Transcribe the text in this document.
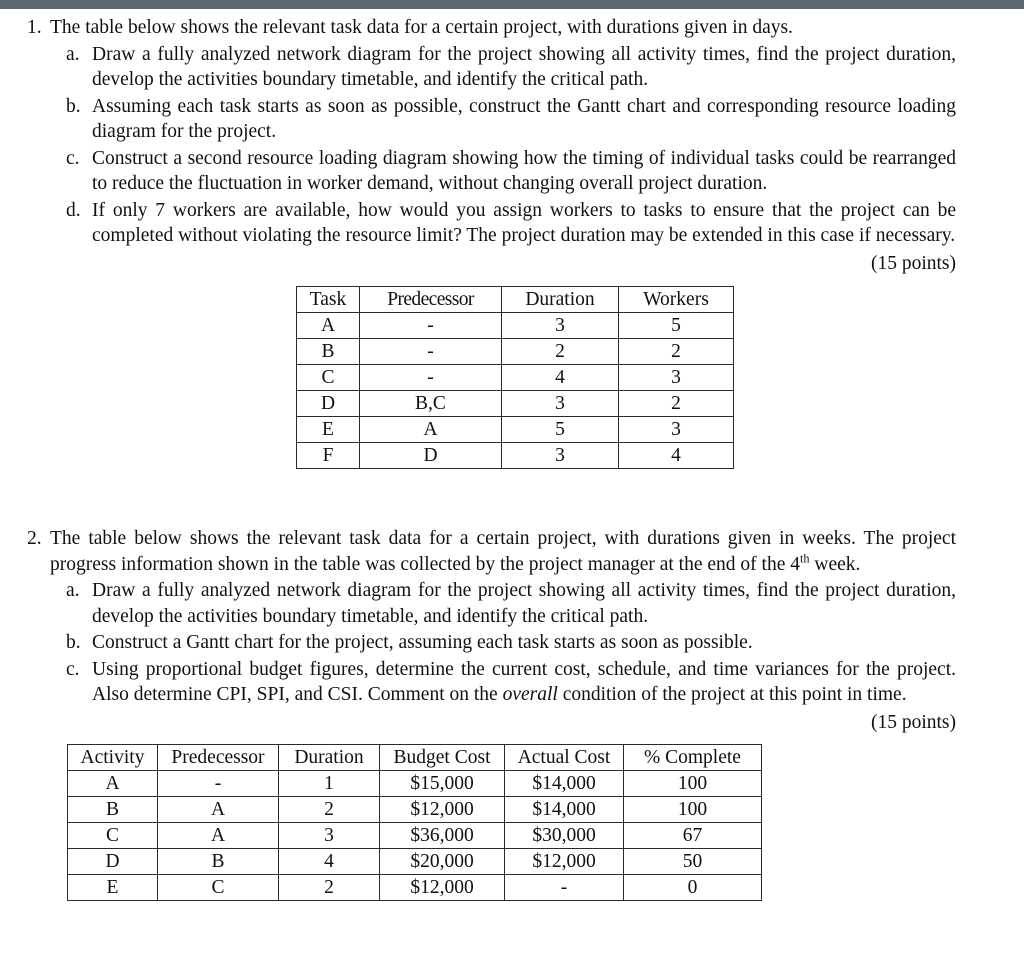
1. The table below shows the relevant task data for a certain project, with durations given in days.
a. Draw a fully analyzed network diagram for the project showing all activity times, find the project duration, develop the activities boundary timetable, and identify the critical path.
b. Assuming each task starts as soon as possible, construct the Gantt chart and corresponding resource loading diagram for the project.
c. Construct a second resource loading diagram showing how the timing of individual tasks could be rearranged to reduce the fluctuation in worker demand, without changing overall project duration.
d. If only 7 workers are available, how would you assign workers to tasks to ensure that the project can be completed without violating the resource limit? The project duration may be extended in this case if necessary.
(15 points)
Task	Predecessor	Duration	Workers
A	-	3	5
B	-	2	2
C	-	4	3
D	B,C	3	2
E	A	5	3
F	D	3	4
2. The table below shows the relevant task data for a certain project, with durations given in weeks. The project progress information shown in the table was collected by the project manager at the end of the 4th week.
a. Draw a fully analyzed network diagram for the project showing all activity times, find the project duration, develop the activities boundary timetable, and identify the critical path.
b. Construct a Gantt chart for the project, assuming each task starts as soon as possible.
c. Using proportional budget figures, determine the current cost, schedule, and time variances for the project. Also determine CPI, SPI, and CSI. Comment on the overall condition of the project at this point in time.
(15 points)
Activity	Predecessor	Duration	Budget Cost	Actual Cost	% Complete
A	-	1	$15,000	$14,000	100
B	A	2	$12,000	$14,000	100
C	A	3	$36,000	$30,000	67
D	B	4	$20,000	$12,000	50
E	C	2	$12,000	-	0
